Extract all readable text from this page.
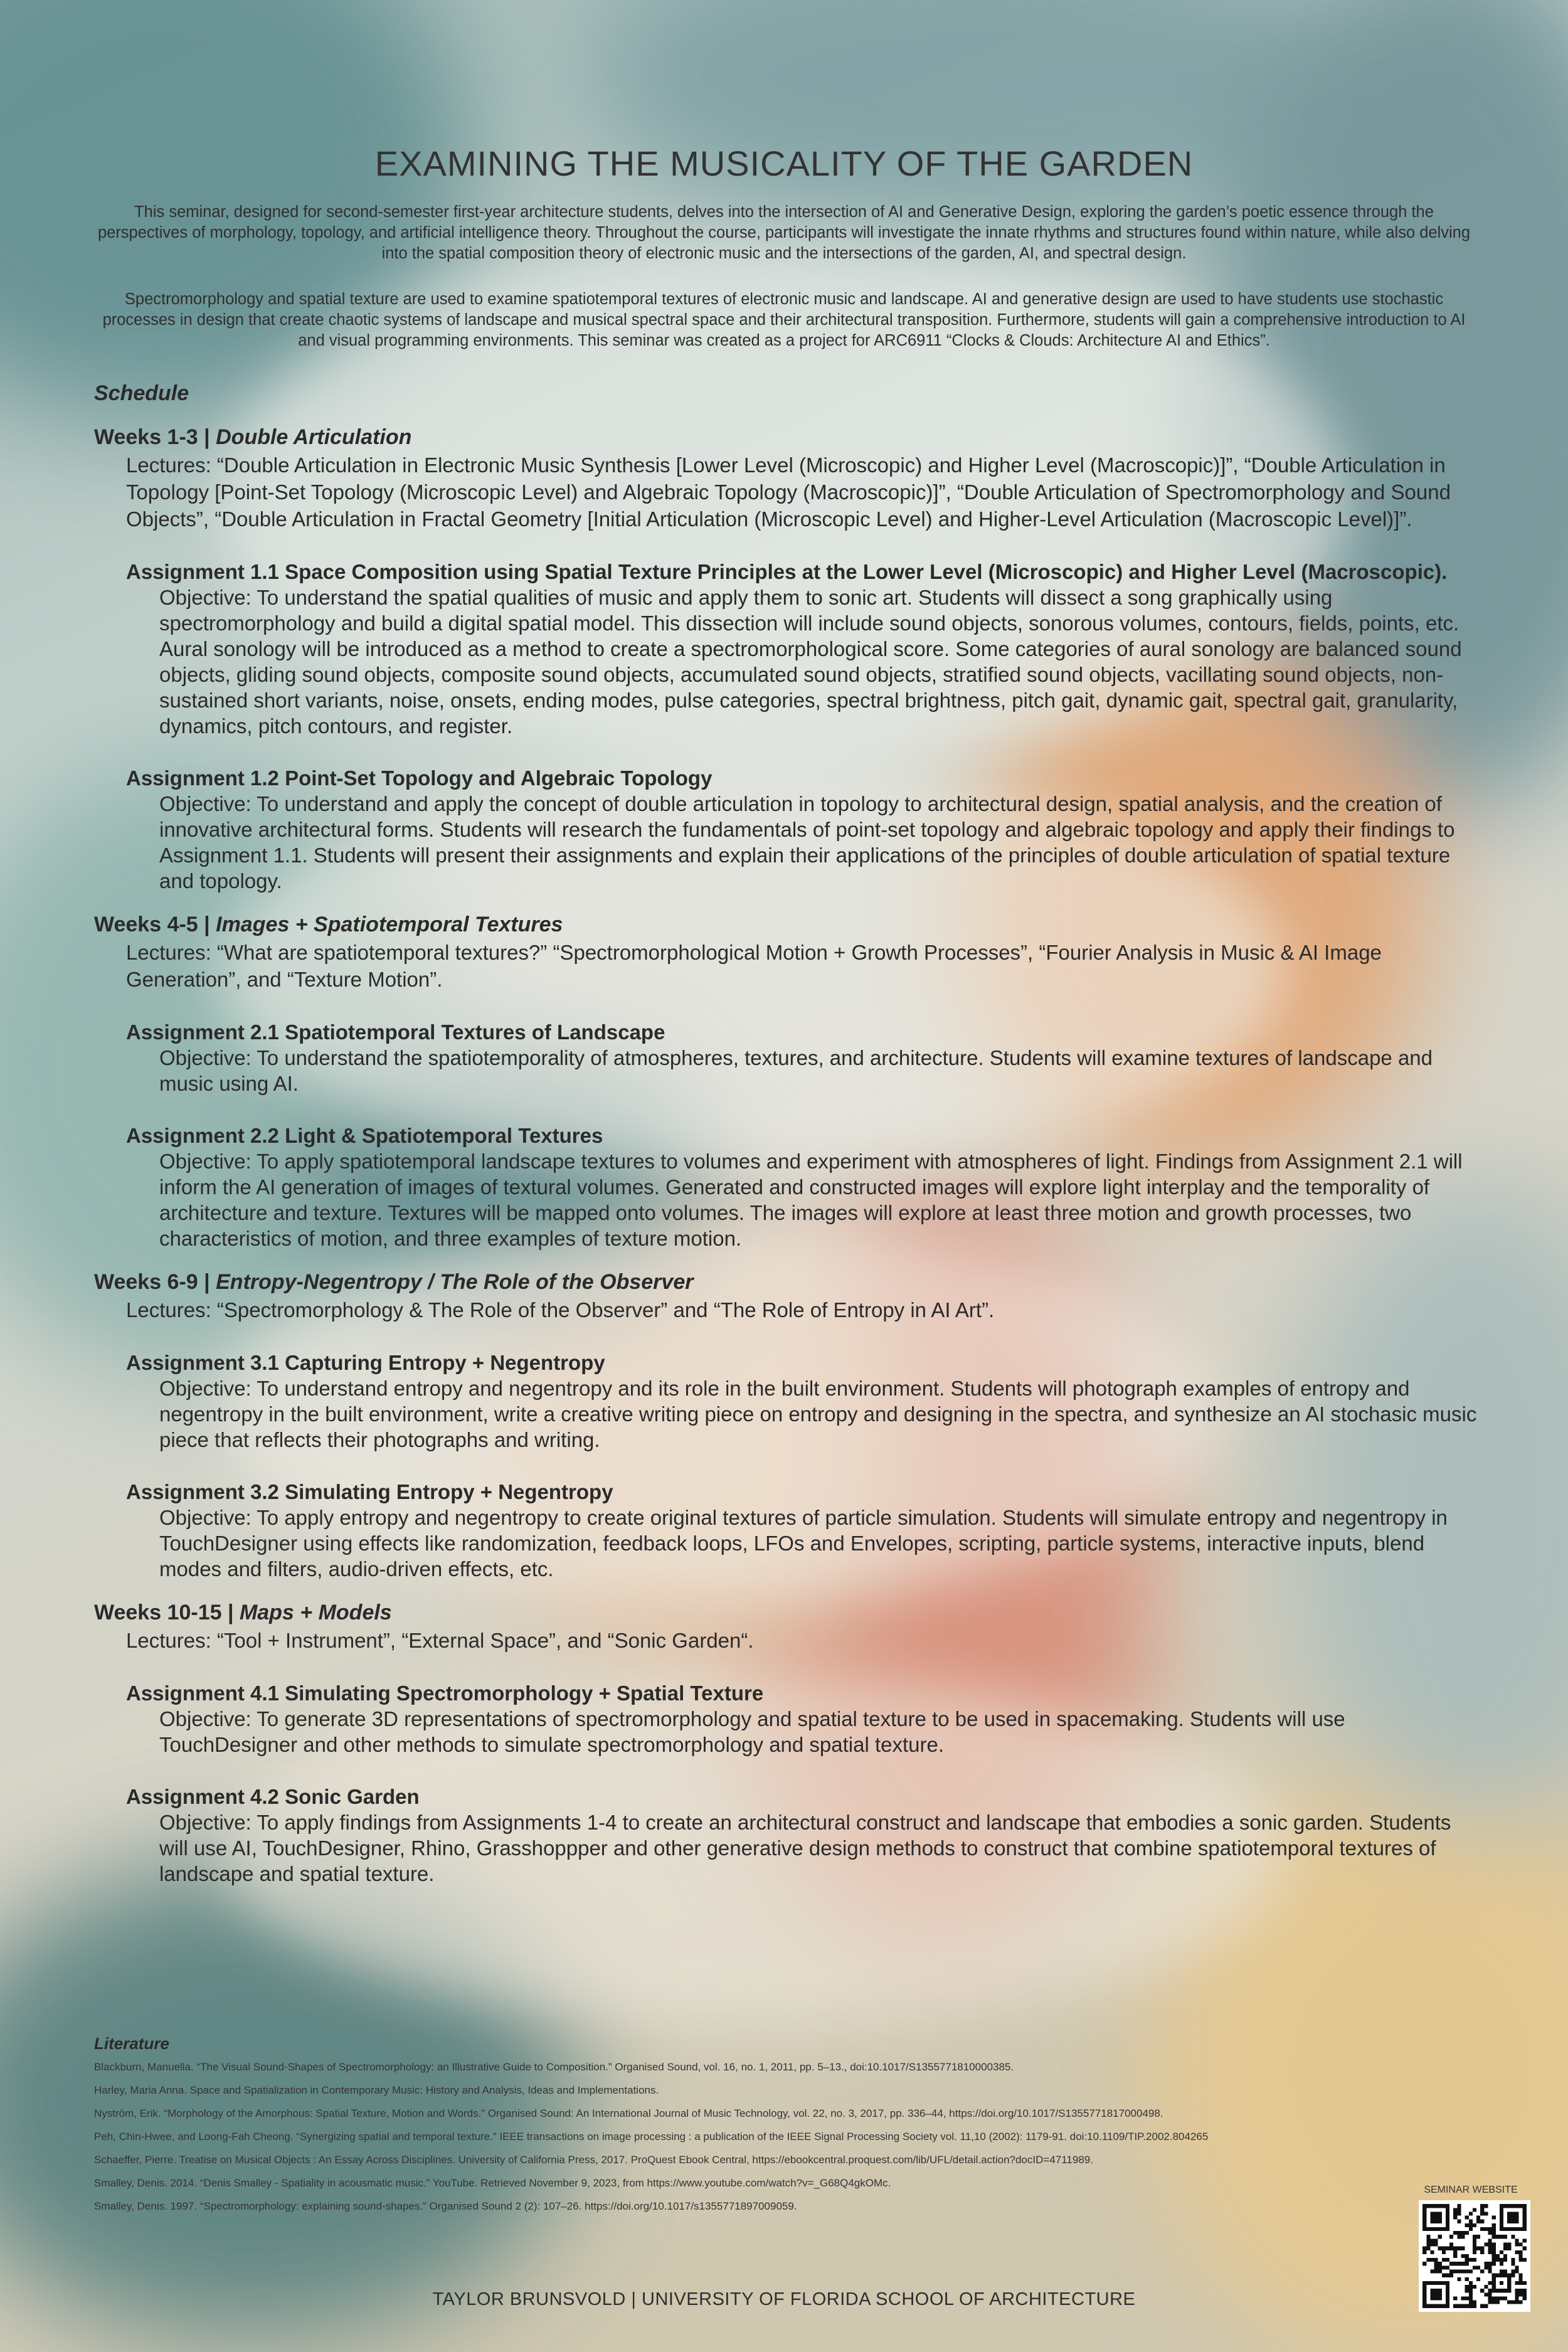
EXAMINING THE MUSICALITY OF THE GARDEN
This seminar, designed for second-semester first-year architecture students, delves into the intersection of AI and Generative Design, exploring the garden’s poetic essence through the perspectives of morphology, topology, and artificial intelligence theory. Throughout the course, participants will investigate the innate rhythms and structures found within nature, while also delving into the spatial composition theory of electronic music and the intersections of the garden, AI, and spectral design.
Spectromorphology and spatial texture are used to examine spatiotemporal textures of electronic music and landscape. AI and generative design are used to have students use stochastic processes in design that create chaotic systems of landscape and musical spectral space and their architectural transposition. Furthermore, students will gain a comprehensive introduction to AI and visual programming environments. This seminar was created as a project for ARC6911 “Clocks & Clouds: Architecture AI and Ethics”.
Schedule
Weeks 1-3 | Double Articulation
Lectures: “Double Articulation in Electronic Music Synthesis [Lower Level (Microscopic) and Higher Level (Macroscopic)]”, “Double Articulation in Topology [Point-Set Topology (Microscopic Level) and Algebraic Topology (Macroscopic)]”, “Double Articulation of Spectromorphology and Sound Objects”, “Double Articulation in Fractal Geometry [Initial Articulation (Microscopic Level) and Higher-Level Articulation (Macroscopic Level)]”.
Assignment 1.1 Space Composition using Spatial Texture Principles at the Lower Level (Microscopic) and Higher Level (Macroscopic).
Objective: To understand the spatial qualities of music and apply them to sonic art. Students will dissect a song graphically using spectromorphology and build a digital spatial model. This dissection will include sound objects, sonorous volumes, contours, fields, points, etc. Aural sonology will be introduced as a method to create a spectromorphological score. Some categories of aural sonology are balanced sound objects, gliding sound objects, composite sound objects, accumulated sound objects, stratified sound objects, vacillating sound objects, non-sustained short variants, noise, onsets, ending modes, pulse categories, spectral brightness, pitch gait, dynamic gait, spectral gait, granularity, dynamics, pitch contours, and register.
Assignment 1.2 Point-Set Topology and Algebraic Topology
Objective: To understand and apply the concept of double articulation in topology to architectural design, spatial analysis, and the creation of innovative architectural forms. Students will research the fundamentals of point-set topology and algebraic topology and apply their findings to Assignment 1.1. Students will present their assignments and explain their applications of the principles of double articulation of spatial texture and topology.
Weeks 4-5 | Images + Spatiotemporal Textures
Lectures: “What are spatiotemporal textures?” “Spectromorphological Motion + Growth Processes”, “Fourier Analysis in Music & AI Image Generation”, and “Texture Motion”.
Assignment 2.1 Spatiotemporal Textures of Landscape
Objective: To understand the spatiotemporality of atmospheres, textures, and architecture. Students will examine textures of landscape and music using AI.
Assignment 2.2 Light & Spatiotemporal Textures
Objective: To apply spatiotemporal landscape textures to volumes and experiment with atmospheres of light. Findings from Assignment 2.1 will inform the AI generation of images of textural volumes. Generated and constructed images will explore light interplay and the temporality of architecture and texture. Textures will be mapped onto volumes. The images will explore at least three motion and growth processes, two characteristics of motion, and three examples of texture motion.
Weeks 6-9 | Entropy-Negentropy / The Role of the Observer
Lectures: “Spectromorphology & The Role of the Observer” and “The Role of Entropy in AI Art”.
Assignment 3.1 Capturing Entropy + Negentropy
Objective: To understand entropy and negentropy and its role in the built environment. Students will photograph examples of entropy and negentropy in the built environment, write a creative writing piece on entropy and designing in the spectra, and synthesize an AI stochasic music piece that reflects their photographs and writing.
Assignment 3.2 Simulating Entropy + Negentropy
Objective: To apply entropy and negentropy to create original textures of particle simulation. Students will simulate entropy and negentropy in TouchDesigner using effects like randomization, feedback loops, LFOs and Envelopes, scripting, particle systems, interactive inputs, blend modes and filters, audio-driven effects, etc.
Weeks 10-15 | Maps + Models
Lectures: “Tool + Instrument”, “External Space”, and “Sonic Garden“.
Assignment 4.1 Simulating Spectromorphology + Spatial Texture
Objective: To generate 3D representations of spectromorphology and spatial texture to be used in spacemaking. Students will use TouchDesigner and other methods to simulate spectromorphology and spatial texture.
Assignment 4.2 Sonic Garden
Objective: To apply findings from Assignments 1-4 to create an architectural construct and landscape that embodies a sonic garden. Students will use AI, TouchDesigner, Rhino, Grasshoppper and other generative design methods to construct that combine spatiotemporal textures of landscape and spatial texture.
Literature
Blackburn, Manuella. “The Visual Sound-Shapes of Spectromorphology: an Illustrative Guide to Composition.” Organised Sound, vol. 16, no. 1, 2011, pp. 5–13., doi:10.1017/S1355771810000385.
Harley, Maria Anna. Space and Spatialization in Contemporary Music: History and Analysis, Ideas and Implementations.
Nyström, Erik. “Morphology of the Amorphous: Spatial Texture, Motion and Words.” Organised Sound: An International Journal of Music Technology, vol. 22, no. 3, 2017, pp. 336–44, https://doi.org/10.1017/S1355771817000498.
Peh, Chin-Hwee, and Loong-Fah Cheong. “Synergizing spatial and temporal texture.” IEEE transactions on image processing : a publication of the IEEE Signal Processing Society vol. 11,10 (2002): 1179-91. doi:10.1109/TIP.2002.804265
Schaeffer, Pierre. Treatise on Musical Objects : An Essay Across Disciplines. University of California Press, 2017. ProQuest Ebook Central, https://ebookcentral.proquest.com/lib/UFL/detail.action?docID=4711989.
Smalley, Denis. 2014. “Denis Smalley - Spatiality in acousmatic music.” YouTube. Retrieved November 9, 2023, from https://www.youtube.com/watch?v=_G68Q4gkOMc.
Smalley, Denis. 1997. “Spectromorphology: explaining sound-shapes.” Organised Sound 2 (2): 107–26. https://doi.org/10.1017/s1355771897009059.
SEMINAR WEBSITE
TAYLOR BRUNSVOLD | UNIVERSITY OF FLORIDA SCHOOL OF ARCHITECTURE
